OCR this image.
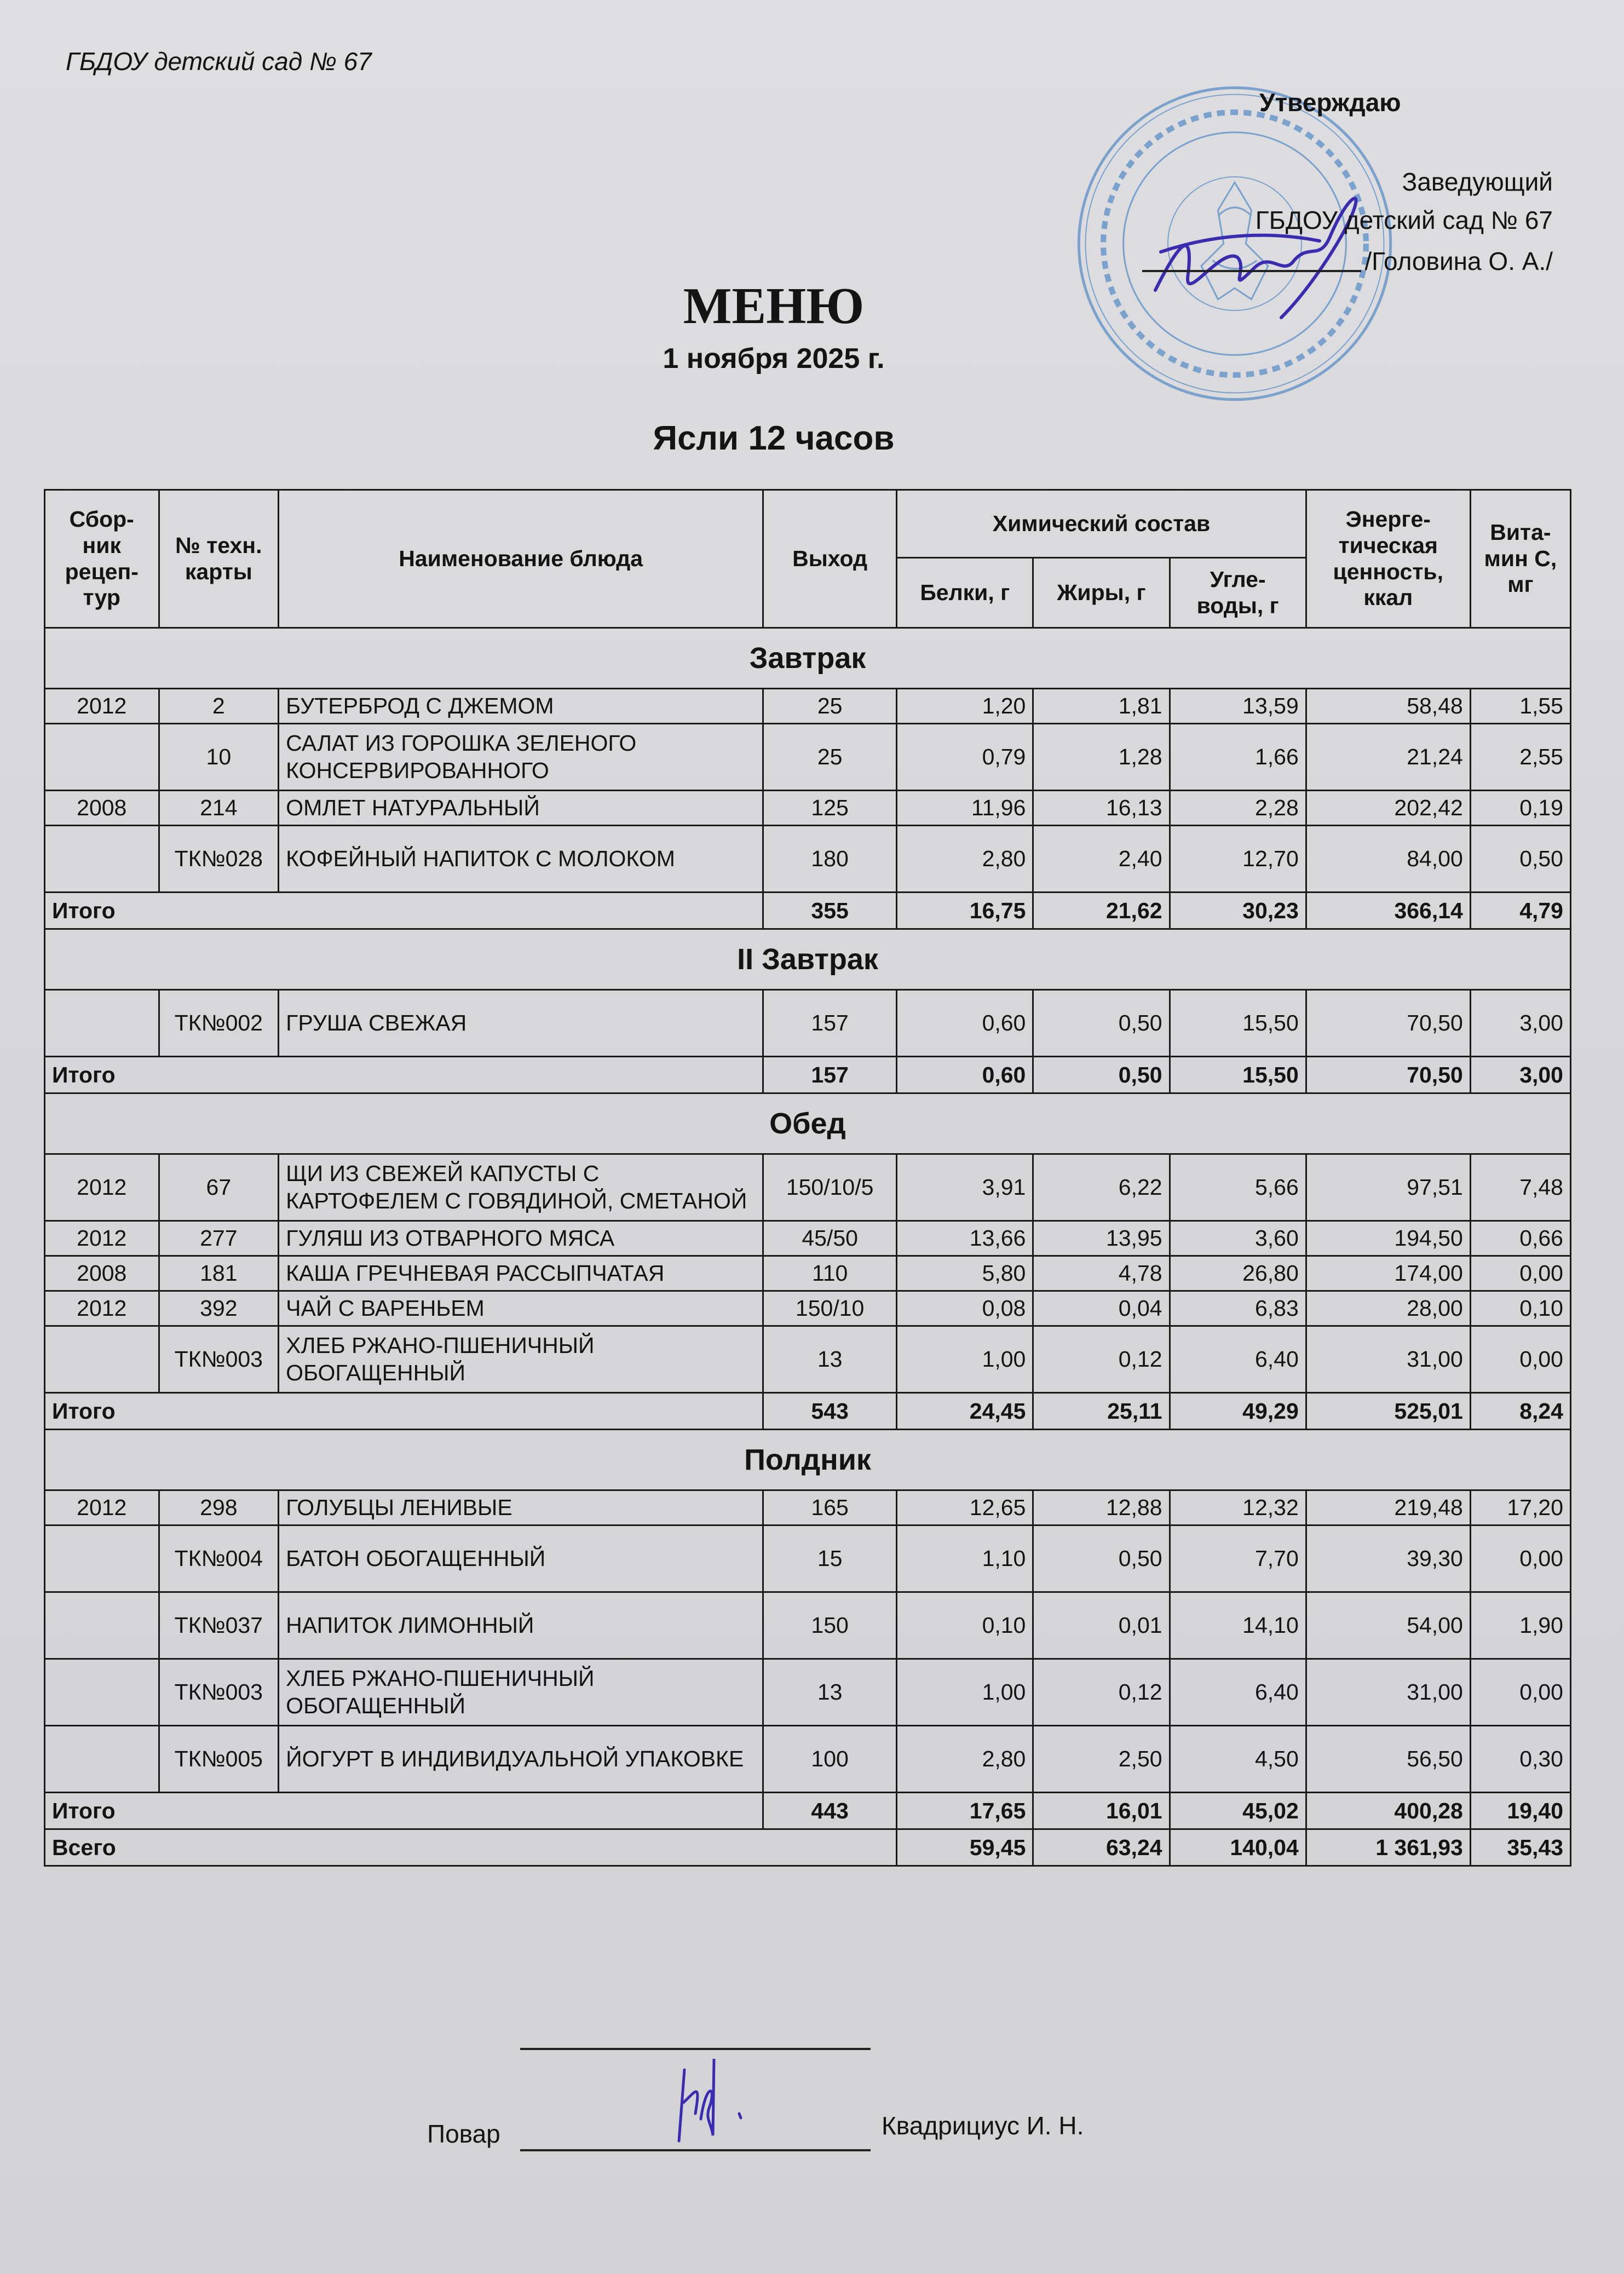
ГБДОУ детский сад № 67
Утверждаю
Заведующий
ГБДОУ детский сад № 67
/Головина О. А./
МЕНЮ
1 ноября 2025 г.
Ясли 12 часов
Сбор-ник рецеп-тур	№ техн. карты	Наименование блюда	Выход	Химический состав			Энерге-тическая ценность, ккал	Вита-мин С, мг
				Белки, г	Жиры, г	Угле-воды, г		
Завтрак								
2012	2	БУТЕРБРОД С ДЖЕМОМ	25	1,20	1,81	13,59	58,48	1,55
	10	САЛАТ ИЗ ГОРОШКА ЗЕЛЕНОГО КОНСЕРВИРОВАННОГО	25	0,79	1,28	1,66	21,24	2,55
2008	214	ОМЛЕТ НАТУРАЛЬНЫЙ	125	11,96	16,13	2,28	202,42	0,19
	ТК№028	КОФЕЙНЫЙ НАПИТОК С МОЛОКОМ	180	2,80	2,40	12,70	84,00	0,50
Итого			355	16,75	21,62	30,23	366,14	4,79
II Завтрак								
	ТК№002	ГРУША СВЕЖАЯ	157	0,60	0,50	15,50	70,50	3,00
Итого			157	0,60	0,50	15,50	70,50	3,00
Обед								
2012	67	ЩИ ИЗ СВЕЖЕЙ КАПУСТЫ С КАРТОФЕЛЕМ С ГОВЯДИНОЙ, СМЕТАНОЙ	150/10/5	3,91	6,22	5,66	97,51	7,48
2012	277	ГУЛЯШ ИЗ ОТВАРНОГО МЯСА	45/50	13,66	13,95	3,60	194,50	0,66
2008	181	КАША ГРЕЧНЕВАЯ РАССЫПЧАТАЯ	110	5,80	4,78	26,80	174,00	0,00
2012	392	ЧАЙ С ВАРЕНЬЕМ	150/10	0,08	0,04	6,83	28,00	0,10
	ТК№003	ХЛЕБ РЖАНО-ПШЕНИЧНЫЙ ОБОГАЩЕННЫЙ	13	1,00	0,12	6,40	31,00	0,00
Итого			543	24,45	25,11	49,29	525,01	8,24
Полдник								
2012	298	ГОЛУБЦЫ ЛЕНИВЫЕ	165	12,65	12,88	12,32	219,48	17,20
	ТК№004	БАТОН ОБОГАЩЕННЫЙ	15	1,10	0,50	7,70	39,30	0,00
	ТК№037	НАПИТОК ЛИМОННЫЙ	150	0,10	0,01	14,10	54,00	1,90
	ТК№003	ХЛЕБ РЖАНО-ПШЕНИЧНЫЙ ОБОГАЩЕННЫЙ	13	1,00	0,12	6,40	31,00	0,00
	ТК№005	ЙОГУРТ В ИНДИВИДУАЛЬНОЙ УПАКОВКЕ	100	2,80	2,50	4,50	56,50	0,30
Итого			443	17,65	16,01	45,02	400,28	19,40
Всего				59,45	63,24	140,04	1 361,93	35,43
Повар	Квадрициус И. Н.
